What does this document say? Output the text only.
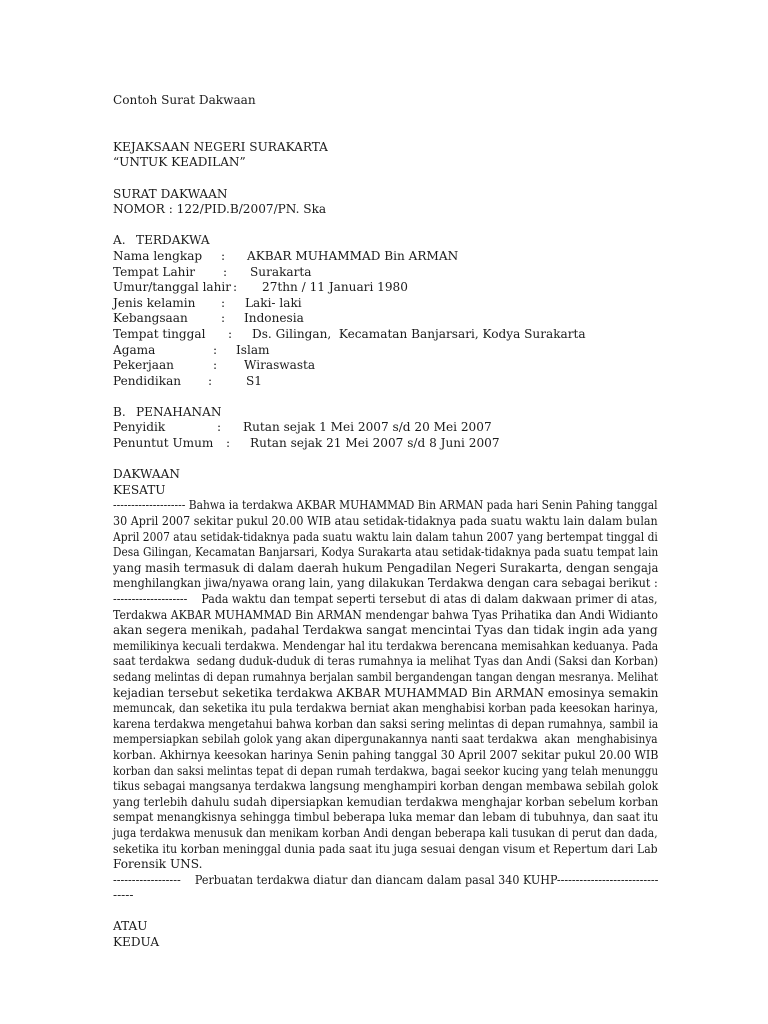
Contoh Surat Dakwaan
KEJAKSAAN NEGERI SURAKARTA
“UNTUK KEADILAN”
SURAT DAKWAAN
NOMOR : 122/PID.B/2007/PN. Ska

A.

TERDAKWA

Nama lengkap : AKBAR MUHAMMAD Bin ARMAN
Tempat Lahir : Surakarta
Umur/tanggal lahir : 27thn / 11 Januari 1980
Jenis kelamin : Laki- laki
Kebangsaan	: Indonesia
Tempat tinggal : Ds. Gilingan,  Kecamatan Banjarsari, Kodya Surakarta
Agama	: Islam
Pekerjaan	: Wiraswasta
Pendidikan :	S1

B.

PENAHANAN

Penyidik	: Rutan sejak 1 Mei 2007 s/d 20 Mei 2007
Penuntut Umum : Rutan sejak 21 Mei 2007 s/d 8 Juni 2007
DAKWAAN
KESATU
-------------------- Bahwa ia terdakwa AKBAR MUHAMMAD Bin ARMAN pada hari Senin Pahing tanggal30 April 2007 sekitar pukul 20.00 WIB atau setidak-tidaknya pada suatu waktu lain dalam bulanApril 2007 atau setidak-tidaknya pada suatu waktu lain dalam tahun 2007 yang bertempat tinggal diDesa Gilingan, Kecamatan Banjarsari, Kodya Surakarta atau setidak-tidaknya pada suatu tempat lainyang masih termasuk di dalam daerah hukum Pengadilan Negeri Surakarta, dengan sengajamenghilangkan jiwa/nyawa orang lain, yang dilakukan Terdakwa dengan cara sebagai berikut :
--------------------    Pada waktu dan tempat seperti tersebut di atas di dalam dakwaan primer di atas,Terdakwa AKBAR MUHAMMAD Bin ARMAN mendengar bahwa Tyas Prihatika dan Andi Widiantoakan segera menikah, padahal Terdakwa sangat mencintai Tyas dan tidak ingin ada yangmemilikinya kecuali terdakwa. Mendengar hal itu terdakwa berencana memisahkan keduanya. Padasaat terdakwa  sedang duduk-duduk di teras rumahnya ia melihat Tyas dan Andi (Saksi dan Korban)sedang melintas di depan rumahnya berjalan sambil bergandengan tangan dengan mesranya. Melihatkejadian tersebut seketika terdakwa AKBAR MUHAMMAD Bin ARMAN emosinya semakinmemuncak, dan seketika itu pula terdakwa berniat akan menghabisi korban pada keesokan harinya,karena terdakwa mengetahui bahwa korban dan saksi sering melintas di depan rumahnya, sambil iamempersiapkan sebilah golok yang akan dipergunakannya nanti saat terdakwa  akan  menghabisinyakorban. Akhirnya keesokan harinya Senin pahing tanggal 30 April 2007 sekitar pukul 20.00 WIBkorban dan saksi melintas tepat di depan rumah terdakwa, bagai seekor kucing yang telah menunggutikus sebagai mangsanya terdakwa langsung menghampiri korban dengan membawa sebilah golokyang terlebih dahulu sudah dipersiapkan kemudian terdakwa menghajar korban sebelum korbansempat menangkisnya sehingga timbul beberapa luka memar dan lebam di tubuhnya, dan saat itujuga terdakwa menusuk dan menikam korban Andi dengan beberapa kali tusukan di perut dan dada,seketika itu korban meninggal dunia pada saat itu juga sesuai dengan visum et Repertum dari Lab
Forensik UNS.
------------------    Perbuatan terdakwa diatur dan diancam dalam pasal 340 KUHP---------------------------
-----
ATAU
KEDUA
